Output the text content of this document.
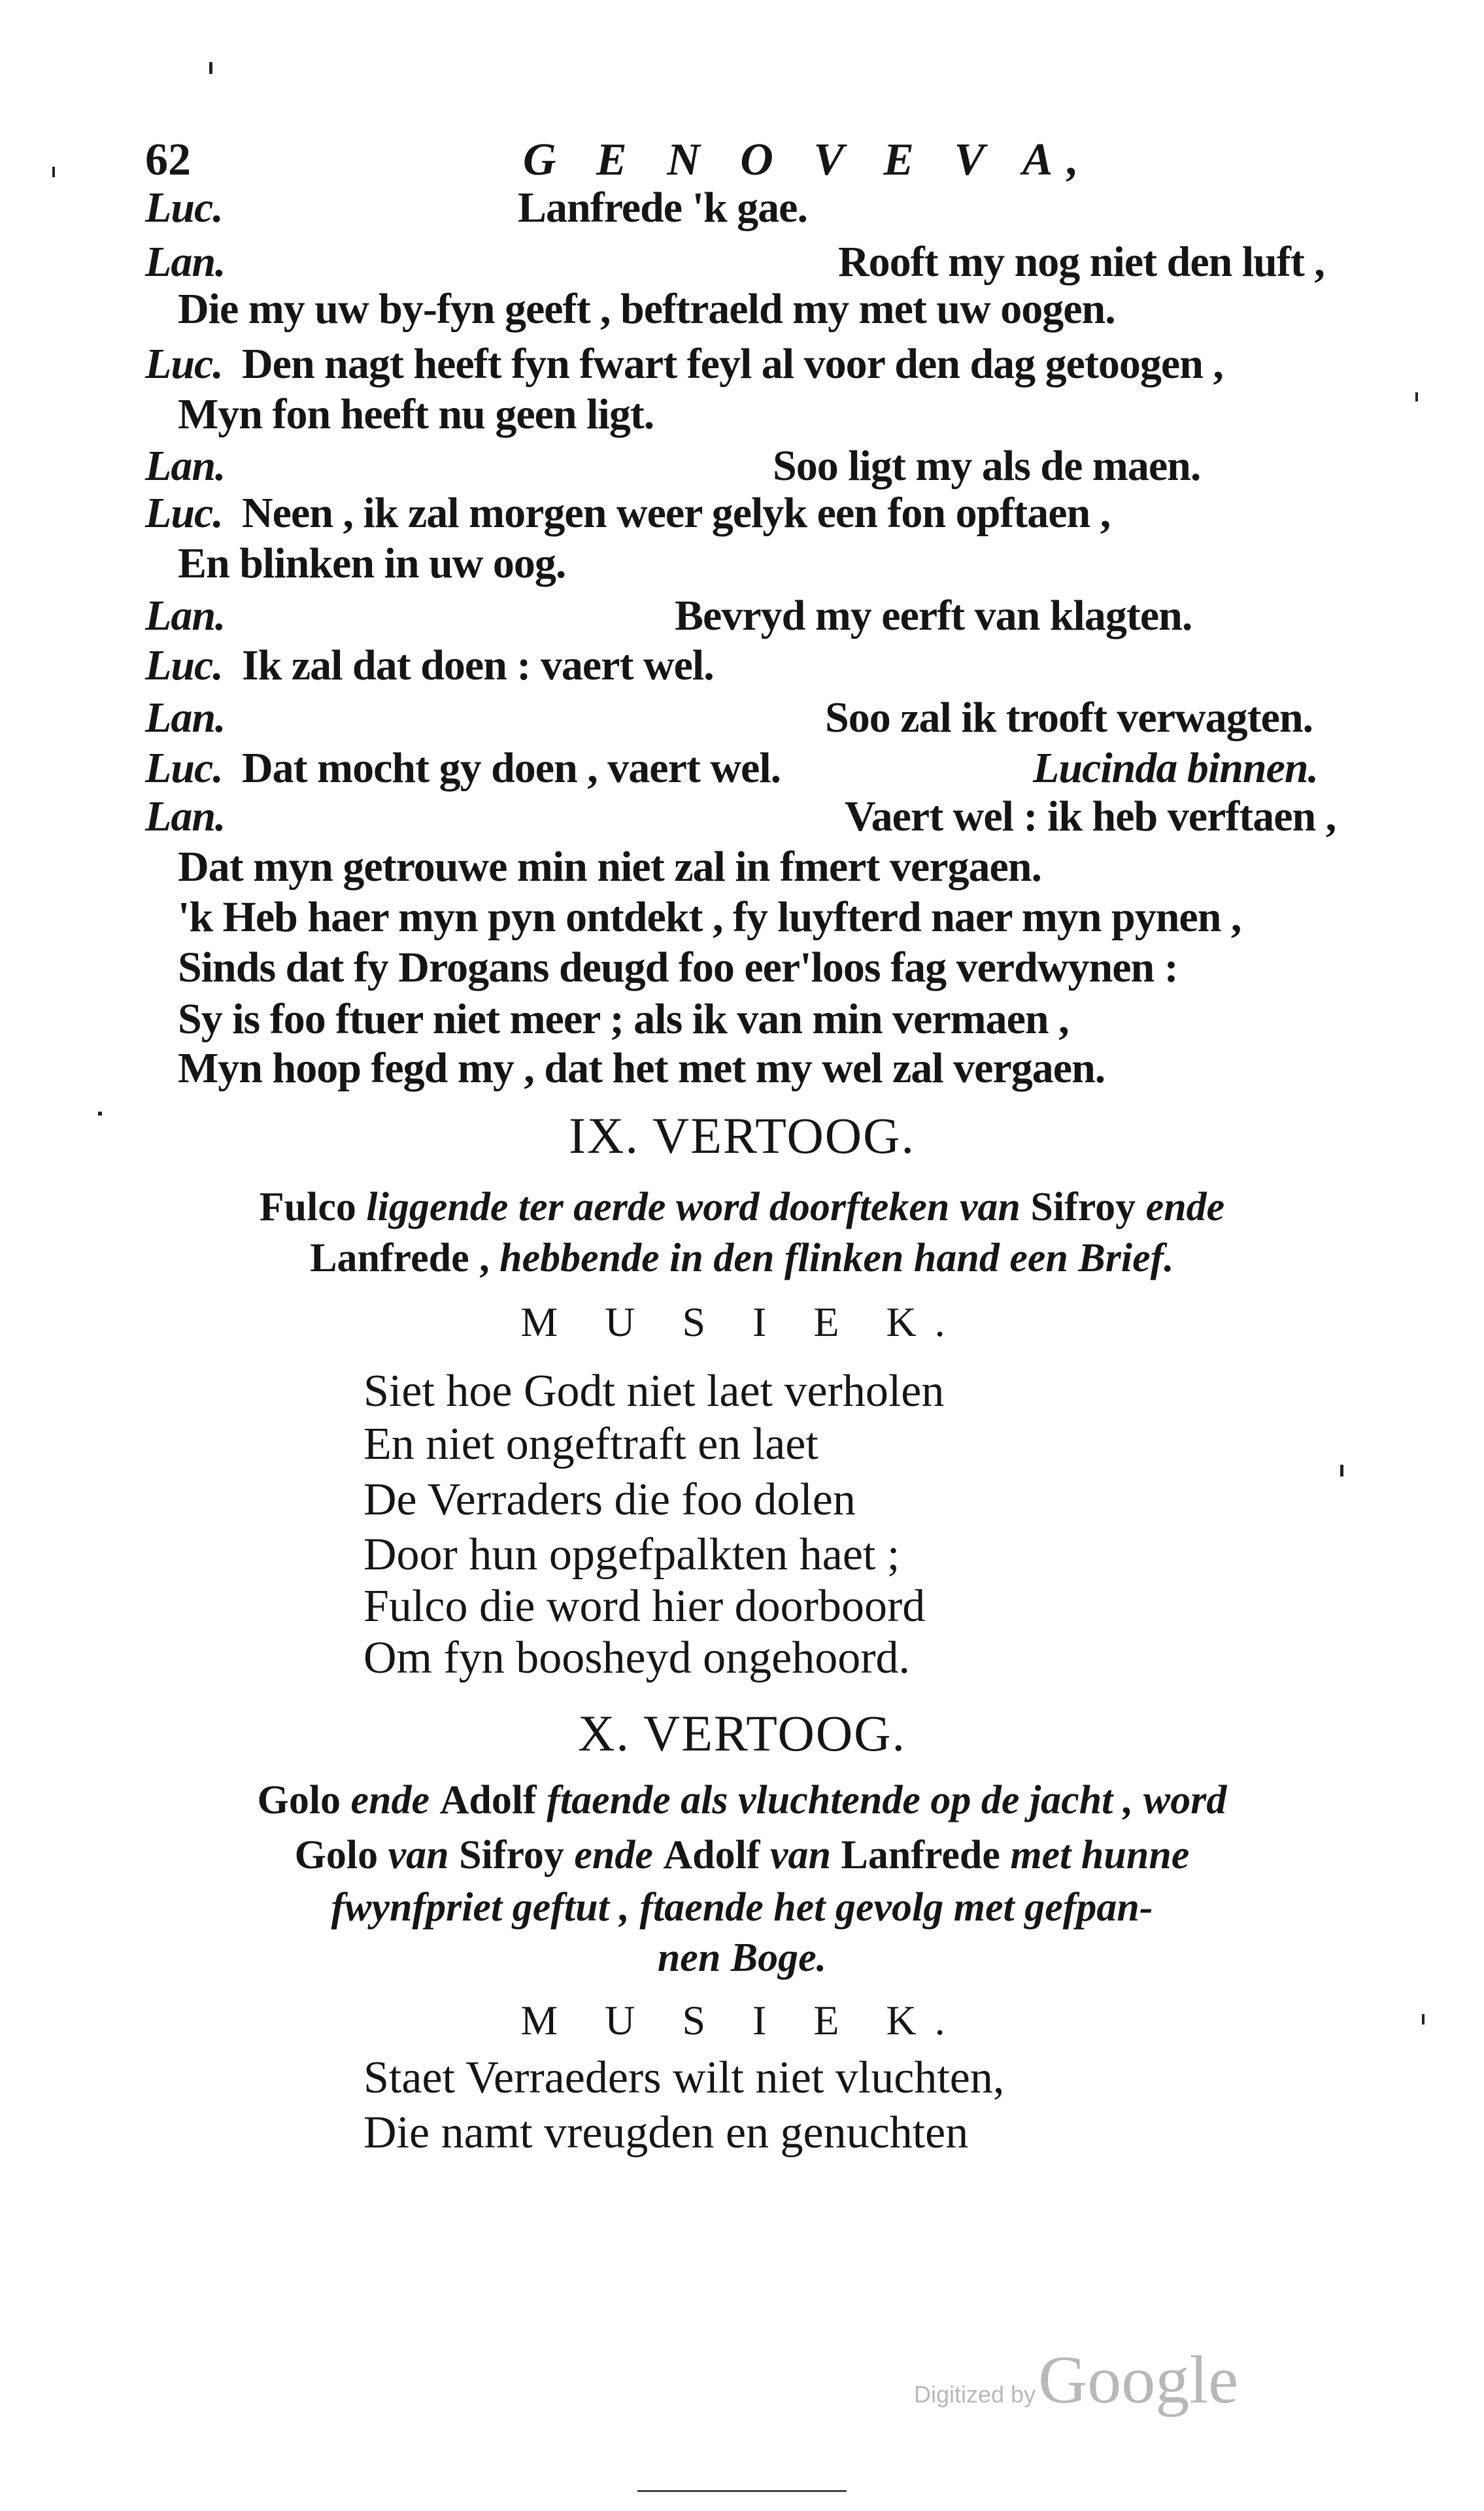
62	G E N O V E V A,
Luc.	Lanfrede 'k gae.
Lan.	Rooft my nog niet den luft ,
Die my uw by-fyn geeft , beftraeld my met uw oogen.
Luc. Den nagt heeft fyn fwart feyl al voor den dag getoogen ,
Myn fon heeft nu geen ligt.
Lan.	Soo ligt my als de maen.
Luc. Neen , ik zal morgen weer gelyk een fon opftaen ,
En blinken in uw oog.
Lan.	Bevryd my eerft van klagten.
Luc. Ik zal dat doen : vaert wel.
Lan.	Soo zal ik trooft verwagten.
Luc. Dat mocht gy doen , vaert wel.	Lucinda binnen.
Lan.	Vaert wel : ik heb verftaen ,
Dat myn getrouwe min niet zal in fmert vergaen.
'k Heb haer myn pyn ontdekt , fy luyfterd naer myn pynen ,
Sinds dat fy Drogans deugd foo eer'loos fag verdwynen :
Sy is foo ftuer niet meer ; als ik van min vermaen ,
Myn hoop fegd my , dat het met my wel zal vergaen.
IX. VERTOOG.
Fulco liggende ter aerde word doorfteken van Sifroy ende
Lanfrede , hebbende in den flinken hand een Brief.
M U S I E K.
Siet hoe Godt niet laet verholen
En niet ongeftraft en laet
De Verraders die foo dolen
Door hun opgefpalkten haet ;
Fulco die word hier doorboord
Om fyn boosheyd ongehoord.
X. VERTOOG.
Golo ende Adolf ftaende als vluchtende op de jacht , word
Golo van Sifroy ende Adolf van Lanfrede met hunne
fwynfpriet geftut , ftaende het gevolg met gefpan-
nen Boge.
M U S I E K.
Staet Verraeders wilt niet vluchten,
Die namt vreugden en genuchten
Digitized by Google
